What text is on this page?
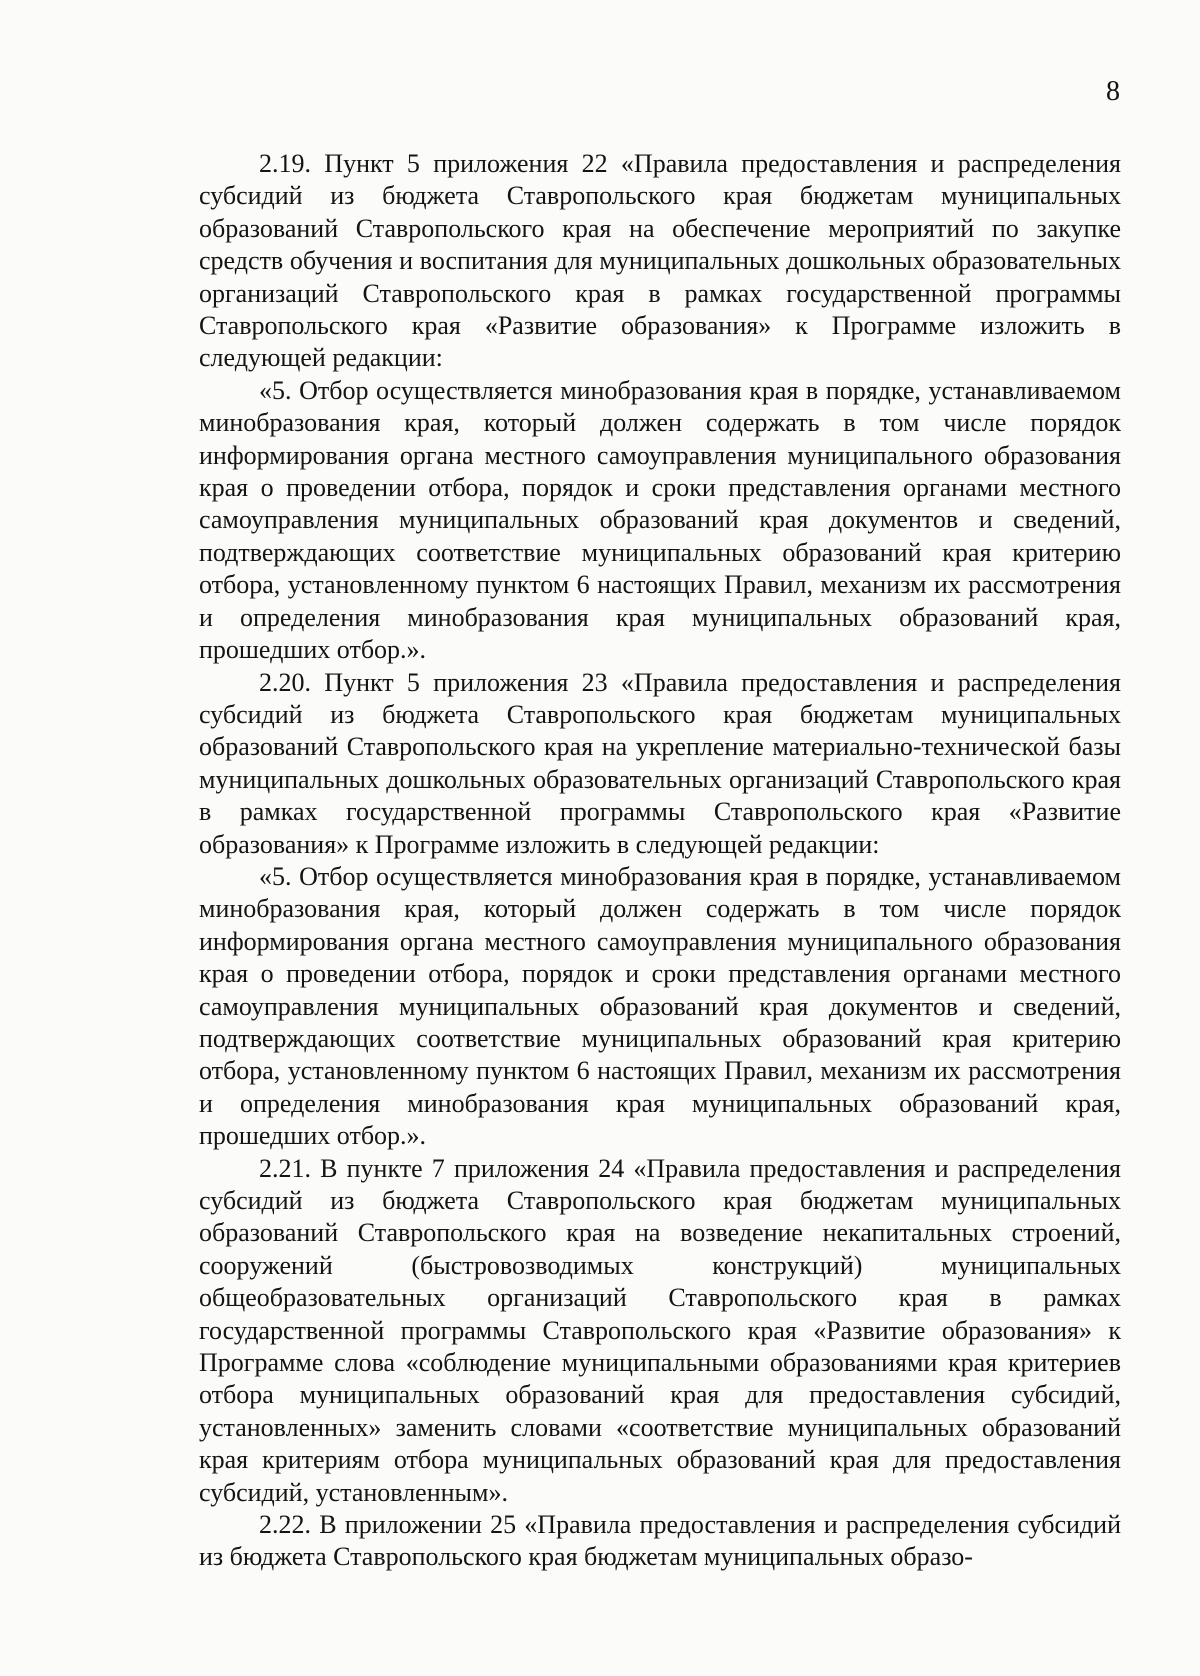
8

2.19. Пункт 5 приложения 22 «Правила предоставления и распределения субсидий из бюджета Ставропольского края бюджетам муниципальных образований Ставропольского края на обеспечение мероприятий по закупке средств обучения и воспитания для муниципальных дошкольных образовательных организаций Ставропольского края в рамках государственной программы Ставропольского края «Развитие образования» к Программе изложить в следующей редакции:

«5. Отбор осуществляется минобразования края в порядке, устанавливаемом минобразования края, который должен содержать в том числе порядок информирования органа местного самоуправления муниципального образования края о проведении отбора, порядок и сроки представления органами местного самоуправления муниципальных образований края документов и сведений, подтверждающих соответствие муниципальных образований края критерию отбора, установленному пунктом 6 настоящих Правил, механизм их рассмотрения и определения минобразования края муниципальных образований края, прошедших отбор.».

2.20. Пункт 5 приложения 23 «Правила предоставления и распределения субсидий из бюджета Ставропольского края бюджетам муниципальных образований Ставропольского края на укрепление материально-технической базы муниципальных дошкольных образовательных организаций Ставропольского края в рамках государственной программы Ставропольского края «Развитие образования» к Программе изложить в следующей редакции:

«5. Отбор осуществляется минобразования края в порядке, устанавливаемом минобразования края, который должен содержать в том числе порядок информирования органа местного самоуправления муниципального образования края о проведении отбора, порядок и сроки представления органами местного самоуправления муниципальных образований края документов и сведений, подтверждающих соответствие муниципальных образований края критерию отбора, установленному пунктом 6 настоящих Правил, механизм их рассмотрения и определения минобразования края муниципальных образований края, прошедших отбор.».

2.21. В пункте 7 приложения 24 «Правила предоставления и распределения субсидий из бюджета Ставропольского края бюджетам муниципальных образований Ставропольского края на возведение некапитальных строений, сооружений (быстровозводимых конструкций) муниципальных общеобразовательных организаций Ставропольского края в рамках государственной программы Ставропольского края «Развитие образования» к Программе слова «соблюдение муниципальными образованиями края критериев отбора муниципальных образований края для предоставления субсидий, установленных» заменить словами «соответствие муниципальных образований края критериям отбора муниципальных образований края для предоставления субсидий, установленным».

2.22. В приложении 25 «Правила предоставления и распределения субсидий из бюджета Ставропольского края бюджетам муниципальных образо-
